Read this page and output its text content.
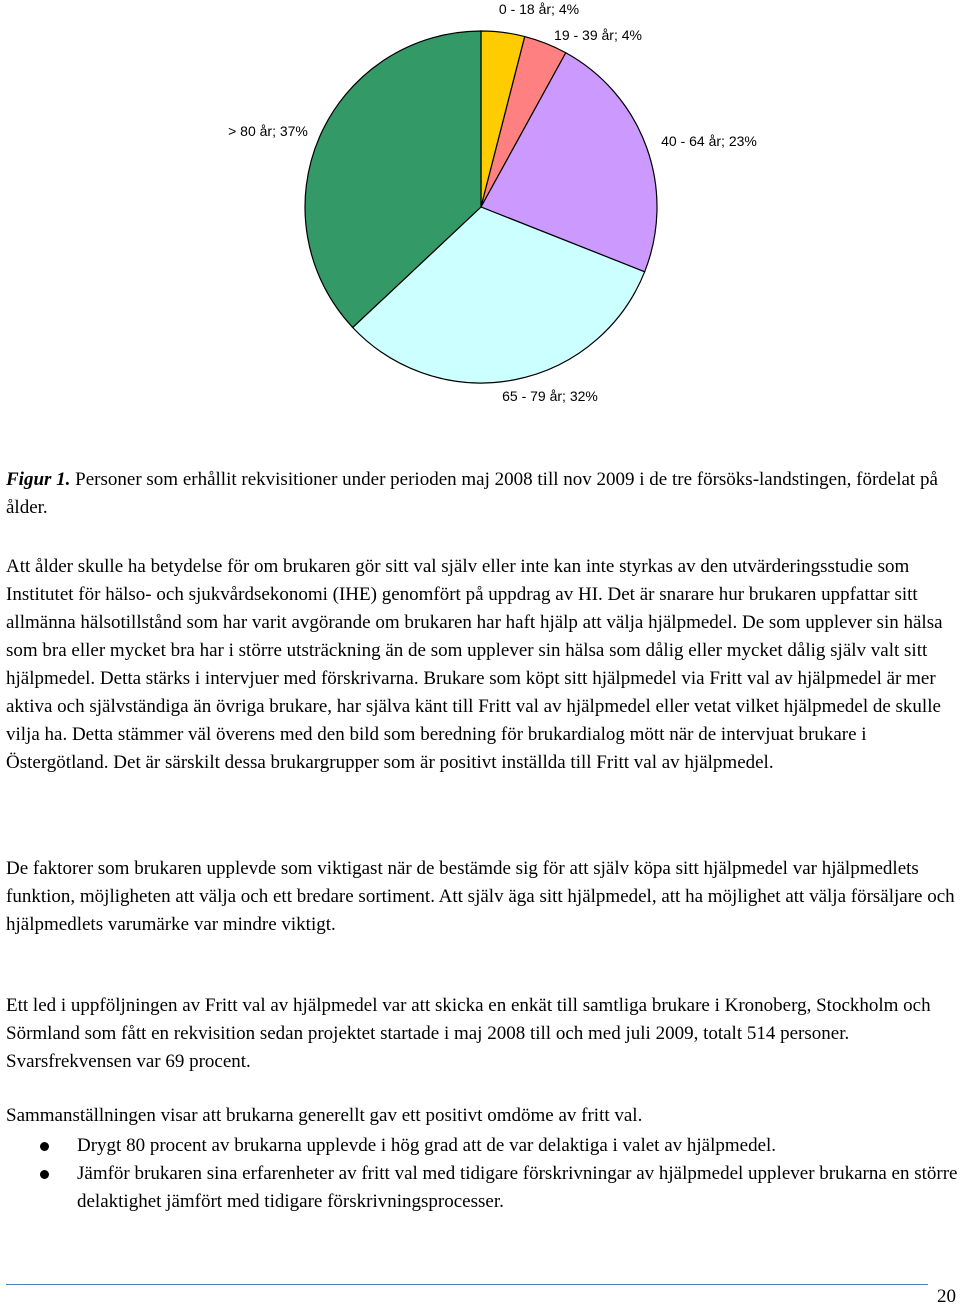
0 - 18 år; 4%
19 - 39 år; 4%
40 - 64 år; 23%
65 - 79 år; 32%
> 80 år; 37%
Figur 1. Personer som erhållit rekvisitioner under perioden maj 2008 till nov 2009 i de tre försöks-landstingen, fördelat på ålder.

Att ålder skulle ha betydelse för om brukaren gör sitt val själv eller inte kan inte styrkas av den utvärderingsstudie som Institutet för hälso- och sjukvårdsekonomi (IHE) genomfört på uppdrag av HI. Det är snarare hur brukaren uppfattar sitt allmänna hälsotillstånd som har varit avgörande om brukaren har haft hjälp att välja hjälpmedel. De som upplever sin hälsa som bra eller mycket bra har i större utsträckning än de som upplever sin hälsa som dålig eller mycket dålig själv valt sitt hjälpmedel. Detta stärks i intervjuer med förskrivarna. Brukare som köpt sitt hjälpmedel via Fritt val av hjälpmedel är mer aktiva och självständiga än övriga brukare, har själva känt till Fritt val av hjälpmedel eller vetat vilket hjälpmedel de skulle vilja ha. Detta stämmer väl överens med den bild som beredning för brukardialog mött när de intervjuat brukare i Östergötland. Det är särskilt dessa brukargrupper som är positivt inställda till Fritt val av hjälpmedel.

De faktorer som brukaren upplevde som viktigast när de bestämde sig för att själv köpa sitt hjälpmedel var hjälpmedlets funktion, möjligheten att välja och ett bredare sortiment. Att själv äga sitt hjälpmedel, att ha möjlighet att välja försäljare och hjälpmedlets varumärke var mindre viktigt.

Ett led i uppföljningen av Fritt val av hjälpmedel var att skicka en enkät till samtliga brukare i Kronoberg, Stockholm och Sörmland som fått en rekvisition sedan projektet startade i maj 2008 till och med juli 2009, totalt 514 personer. Svarsfrekvensen var 69 procent.

Sammanställningen visar att brukarna generellt gav ett positivt omdöme av fritt val.

Drygt 80 procent av brukarna upplevde i hög grad att de var delaktiga i valet av hjälpmedel.
Jämför brukaren sina erfarenheter av fritt val med tidigare förskrivningar av hjälpmedel upplever brukarna en större delaktighet jämfört med tidigare förskrivningsprocesser.
20
